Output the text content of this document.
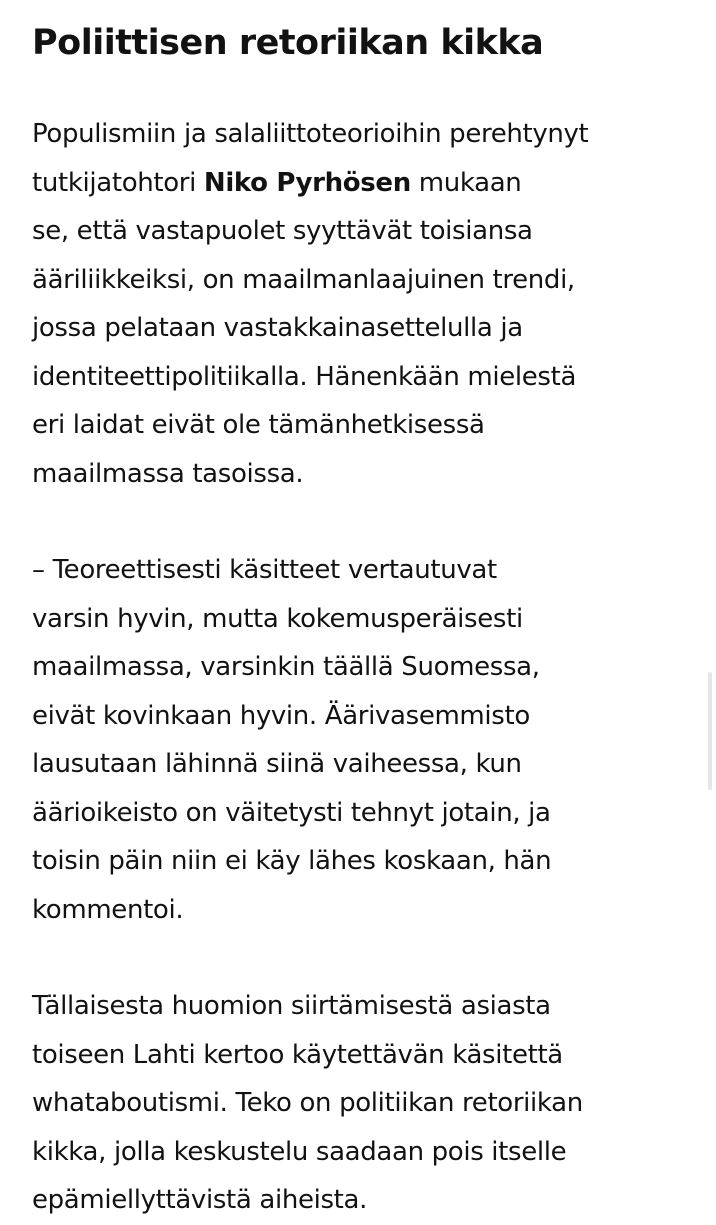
Poliittisen retoriikan kikka

Populismiin ja salaliittoteorioihin perehtynyt
tutkijatohtori Niko Pyrhösen mukaan
se, että vastapuolet syyttävät toisiansa
ääriliikkeiksi, on maailmanlaajuinen trendi,
jossa pelataan vastakkainasettelulla ja
identiteettipolitiikalla. Hänenkään mielestä
eri laidat eivät ole tämänhetkisessä
maailmassa tasoissa.

– Teoreettisesti käsitteet vertautuvat
varsin hyvin, mutta kokemusperäisesti
maailmassa, varsinkin täällä Suomessa,
eivät kovinkaan hyvin. Äärivasemmisto
lausutaan lähinnä siinä vaiheessa, kun
äärioikeisto on väitetysti tehnyt jotain, ja
toisin päin niin ei käy lähes koskaan, hän
kommentoi.

Tällaisesta huomion siirtämisestä asiasta
toiseen Lahti kertoo käytettävän käsitettä
whataboutismi. Teko on politiikan retoriikan
kikka, jolla keskustelu saadaan pois itselle
epämiellyttävistä aiheista.
